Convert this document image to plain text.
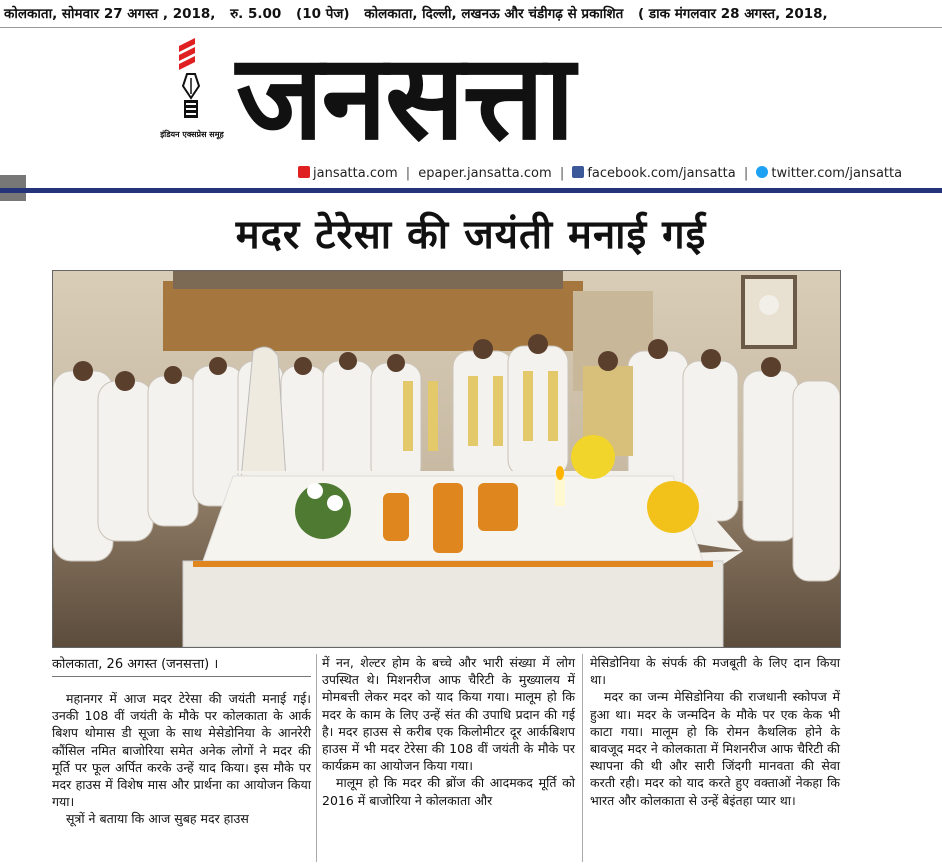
कोलकाता, सोमवार 27 अगस्त , 2018, रु. 5.00 (10 पेज) कोलकाता, दिल्ली, लखनऊ और चंडीगढ़ से प्रकाशित ( डाक मंगलवार 28 अगस्त, 2018,
इंडियन एक्सप्रेस समूह जनसत्ता
jansatta.com | epaper.jansatta.com | facebook.com/jansatta | twitter.com/jansatta
मदर टेरेसा की जयंती मनाई गई
कोलकाता, 26 अगस्त (जनसत्ता) ।

महानगर में आज मदर टेरेसा की जयंती मनाई गई। उनकी 108 वीं जयंती के मौके पर कोलकाता के आर्क बिशप थोमास डी सूजा के साथ मेसेडोनिया के आनरेरी कौंसिल नमित बाजोरिया समेत अनेक लोगों ने मदर की मूर्ति पर फूल अर्पित करके उन्हें याद किया। इस मौके पर मदर हाउस में विशेष मास और प्रार्थना का आयोजन किया गया।

सूत्रों ने बताया कि आज सुबह मदर हाउस

में नन, शेल्टर होम के बच्चे और भारी संख्या में लोग उपस्थित थे। मिशनरीज आफ चैरिटी के मुख्यालय में मोमबत्ती लेकर मदर को याद किया गया। मालूम हो कि मदर के काम के लिए उन्हें संत की उपाधि प्रदान की गई है। मदर हाउस से करीब एक किलोमीटर दूर आर्कबिशप हाउस में भी मदर टेरेसा की 108 वीं जयंती के मौके पर कार्यक्रम का आयोजन किया गया।

मालूम हो कि मदर की ब्रोंज की आदमकद मूर्ति को 2016 में बाजोरिया ने कोलकाता और

मेसिडोनिया के संपर्क की मजबूती के लिए दान किया था।

मदर का जन्म मेसिडोनिया की राजधानी स्कोपज में हुआ था। मदर के जन्मदिन के मौके पर एक केक भी काटा गया। मालूम हो कि रोमन कैथलिक होने के बावजूद मदर ने कोलकाता में मिशनरीज आफ चैरिटी की स्थापना की थी और सारी जिंदगी मानवता की सेवा करती रही। मदर को याद करते हुए वक्ताओं नेकहा कि भारत और कोलकाता से उन्हें बेइंतहा प्यार था।
